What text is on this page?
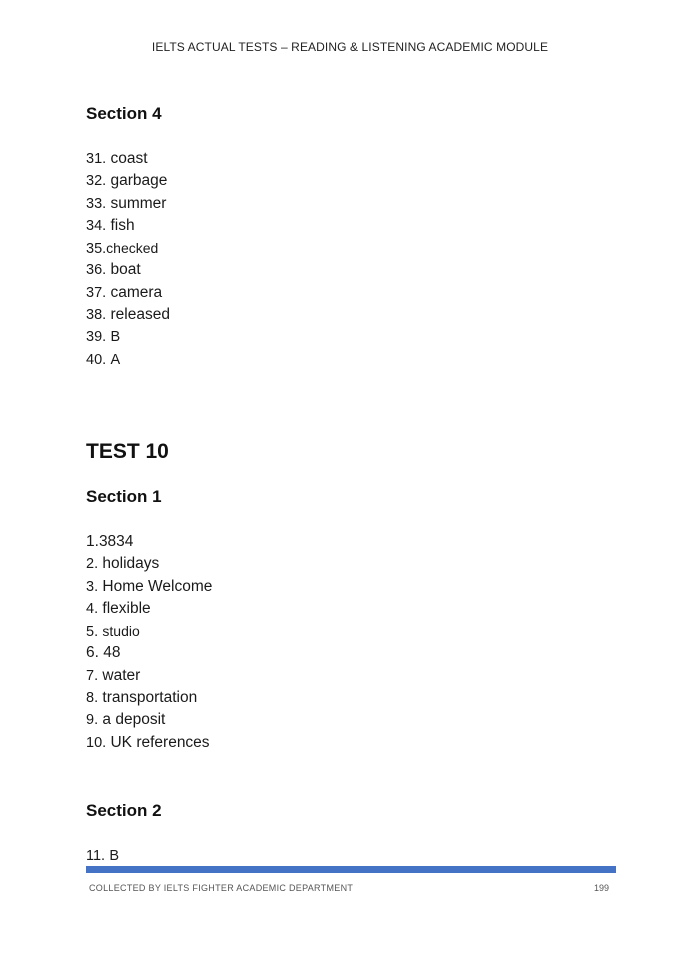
IELTS ACTUAL TESTS – READING & LISTENING ACADEMIC MODULE
Section 4
31. coast
32. garbage
33. summer
34. fish
35.checked
36. boat
37. camera
38. released
39. B
40. A
TEST 10
Section 1
1.3834
2. holidays
3. Home Welcome
4. flexible
5. studio
6. 48
7. water
8. transportation
9. a deposit
10. UK references
Section 2
11. B
COLLECTED BY IELTS FIGHTER ACADEMIC DEPARTMENT	199
